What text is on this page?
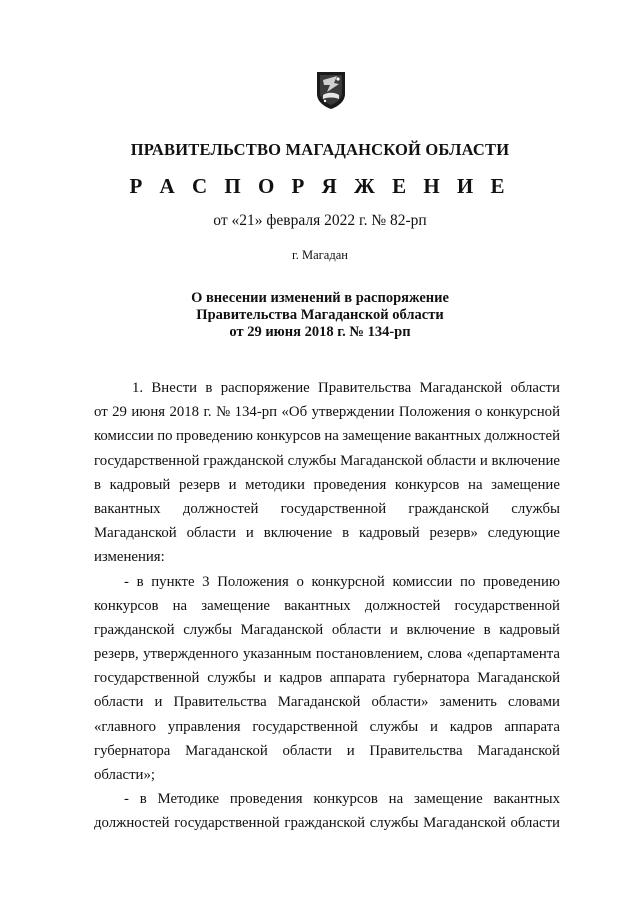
ПРАВИТЕЛЬСТВО МАГАДАНСКОЙ ОБЛАСТИ
Р А С П О Р Я Ж Е Н И Е
от «21» февраля 2022 г. № 82-рп
г. Магадан
О внесении изменений в распоряжение
Правительства Магаданской области
от 29 июня 2018 г. № 134-рп
1. Внести в распоряжение Правительства Магаданской области
от 29 июня 2018 г. № 134-рп «Об утверждении Положения о конкурсной
комиссии по проведению конкурсов на замещение вакантных должностей
государственной гражданской службы Магаданской области и включение
в кадровый резерв и методики проведения конкурсов на замещение
вакантных должностей государственной гражданской службы
Магаданской области и включение в кадровый резерв» следующие
изменения:
- в пункте 3 Положения о конкурсной комиссии по проведению
конкурсов на замещение вакантных должностей государственной
гражданской службы Магаданской области и включение в кадровый
резерв, утвержденного указанным постановлением, слова «департамента
государственной службы и кадров аппарата губернатора Магаданской
области и Правительства Магаданской области» заменить словами
«главного управления государственной службы и кадров аппарата
губернатора Магаданской области и Правительства Магаданской
области»;
- в Методике проведения конкурсов на замещение вакантных
должностей государственной гражданской службы Магаданской области
